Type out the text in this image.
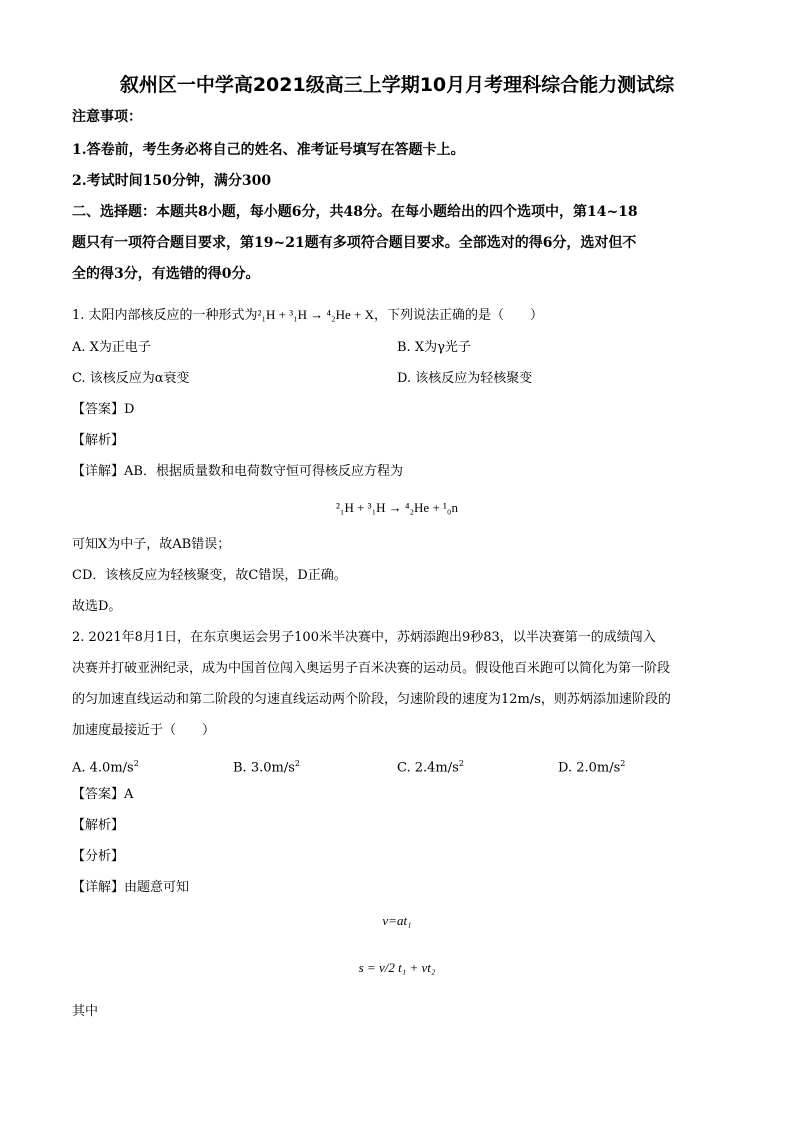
叙州区一中学高2021级高三上学期10月月考理科综合能力测试综
注意事项：
1.答卷前，考生务必将自己的姓名、准考证号填写在答题卡上。
2.考试时间150分钟，满分300
二、选择题：本题共8小题，每小题6分，共48分。在每小题给出的四个选项中，第14~18
题只有一项符合题目要求，第19~21题有多项符合题目要求。全部选对的得6分，选对但不
全的得3分，有选错的得0分。
1. 太阳内部核反应的一种形式为²₁H + ³₁H → ⁴₂He + X，下列说法正确的是（　　）
A. X为正电子	B. X为γ光子
C. 该核反应为α衰变	D. 该核反应为轻核聚变
【答案】D
【解析】
【详解】AB．根据质量数和电荷数守恒可得核反应方程为
²₁H + ³₁H → ⁴₂He + ¹₀n
可知X为中子，故AB错误；
CD．该核反应为轻核聚变，故C错误，D正确。
故选D。
2. 2021年8月1日，在东京奥运会男子100米半决赛中，苏炳添跑出9秒83，以半决赛第一的成绩闯入
决赛并打破亚洲纪录，成为中国首位闯入奥运男子百米决赛的运动员。假设他百米跑可以简化为第一阶段
的匀加速直线运动和第二阶段的匀速直线运动两个阶段，匀速阶段的速度为12m/s，则苏炳添加速阶段的
加速度最接近于（　　）
A. $4.0m/s^2$	B. $3.0m/s^2$	C. $2.4m/s^2$	D. $2.0m/s^2$
【答案】A
【解析】
【分析】
【详解】由题意可知
v=at₁
s = v/2 t₁ + vt₂
其中
